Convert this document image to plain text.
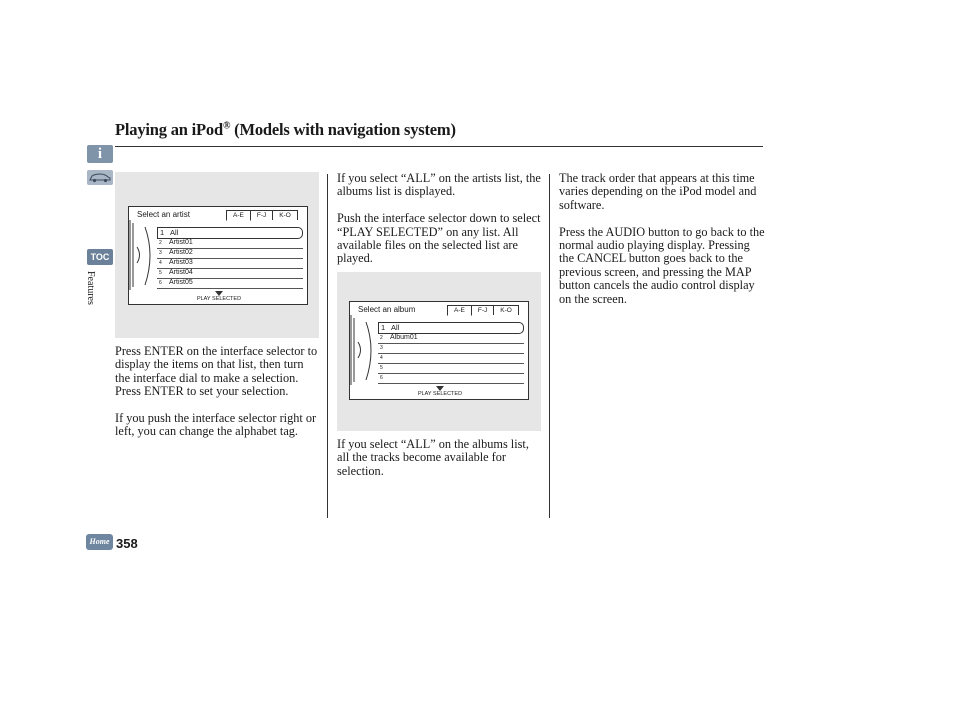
i
TOC
Features
Home 358
Playing an iPod® (Models with navigation system)
Select an artist	A-E	F-J	K-O
1 All
2 Artist01
3 Artist02
4 Artist03
5 Artist04
6 Artist05
PLAY SELECTED

Press ENTER on the interface selector to display the items on that list, then turn the interface dial to make a selection. Press ENTER to set your selection.

If you push the interface selector right or left, you can change the alphabet tag.

If you select “ALL” on the artists list, the albums list is displayed.

Push the interface selector down to select “PLAY SELECTED” on any list. All available files on the selected list are played.

Select an album	A-E	F-J	K-O
1 All
2 Album01
3
4
5
6
PLAY SELECTED

If you select “ALL” on the albums list, all the tracks become available for selection.

The track order that appears at this time varies depending on the iPod model and software.

Press the AUDIO button to go back to the normal audio playing display. Pressing the CANCEL button goes back to the previous screen, and pressing the MAP button cancels the audio control display on the screen.
